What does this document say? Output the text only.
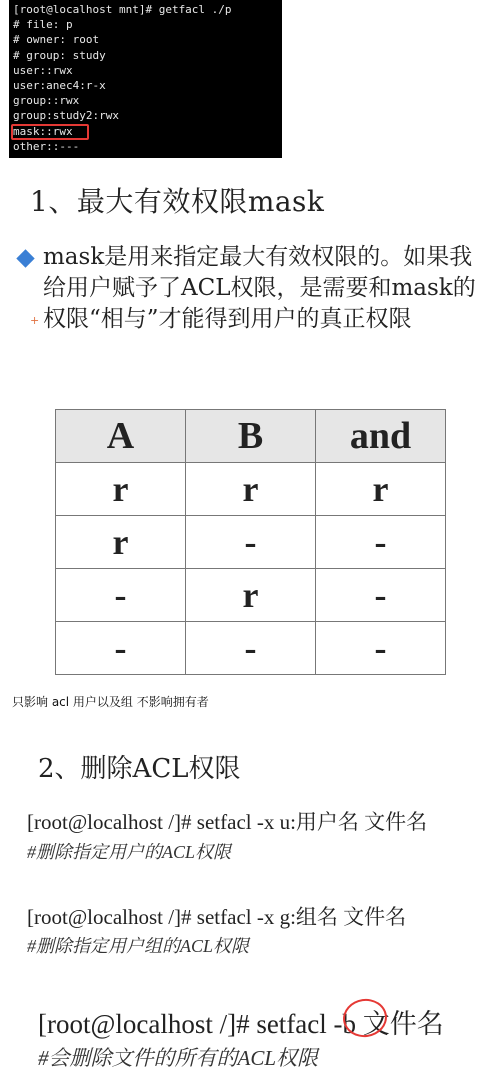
[root@localhost mnt]# getfacl ./p
# file: p
# owner: root
# group: study
user::rwx
user:anec4:r-x
group::rwx
group:study2:rwx
mask::rwx
other::---
1、最大有效权限mask
mask是用来指定最大有效权限的。如果我给用户赋予了ACL权限，是需要和mask的权限“相与”才能得到用户的真正权限
+
A	B	and
r	r	r
r	-	-
-	r	-
-	-	-
只影响 acl 用户以及组 不影响拥有者
2、删除ACL权限
[root@localhost /]# setfacl -x u:用户名 文件名
#删除指定用户的ACL权限
[root@localhost /]# setfacl -x g:组名 文件名
#删除指定用户组的ACL权限
[root@localhost /]# setfacl -b 文件名
#会删除文件的所有的ACL权限
